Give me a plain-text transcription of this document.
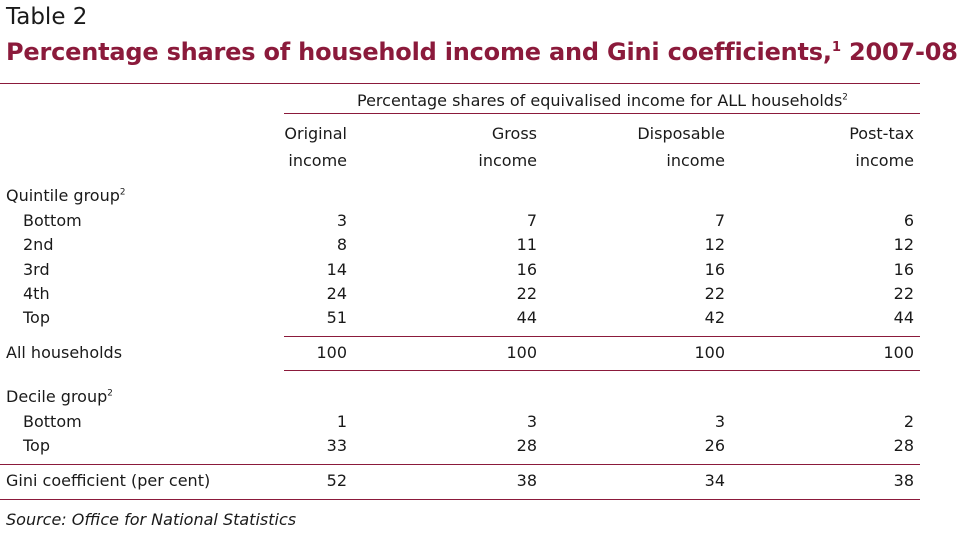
Table 2
Percentage shares of household income and Gini coefficients,$^1$ 2007-08
Percentage shares of equivalised income for ALL households$^2$
Original
income
Gross
income
Disposable
income
Post-tax
income
Quintile group$^2$
Bottom	3	7	7	6
2nd	8	11	12	12
3rd	14	16	16	16
4th	24	22	22	22
Top	51	44	42	44
All households	100	100	100	100
Decile group$^2$
Bottom	1	3	3	2
Top	33	28	26	28
Gini coefficient (per cent)	52	38	34	38
Source: Office for National Statistics
